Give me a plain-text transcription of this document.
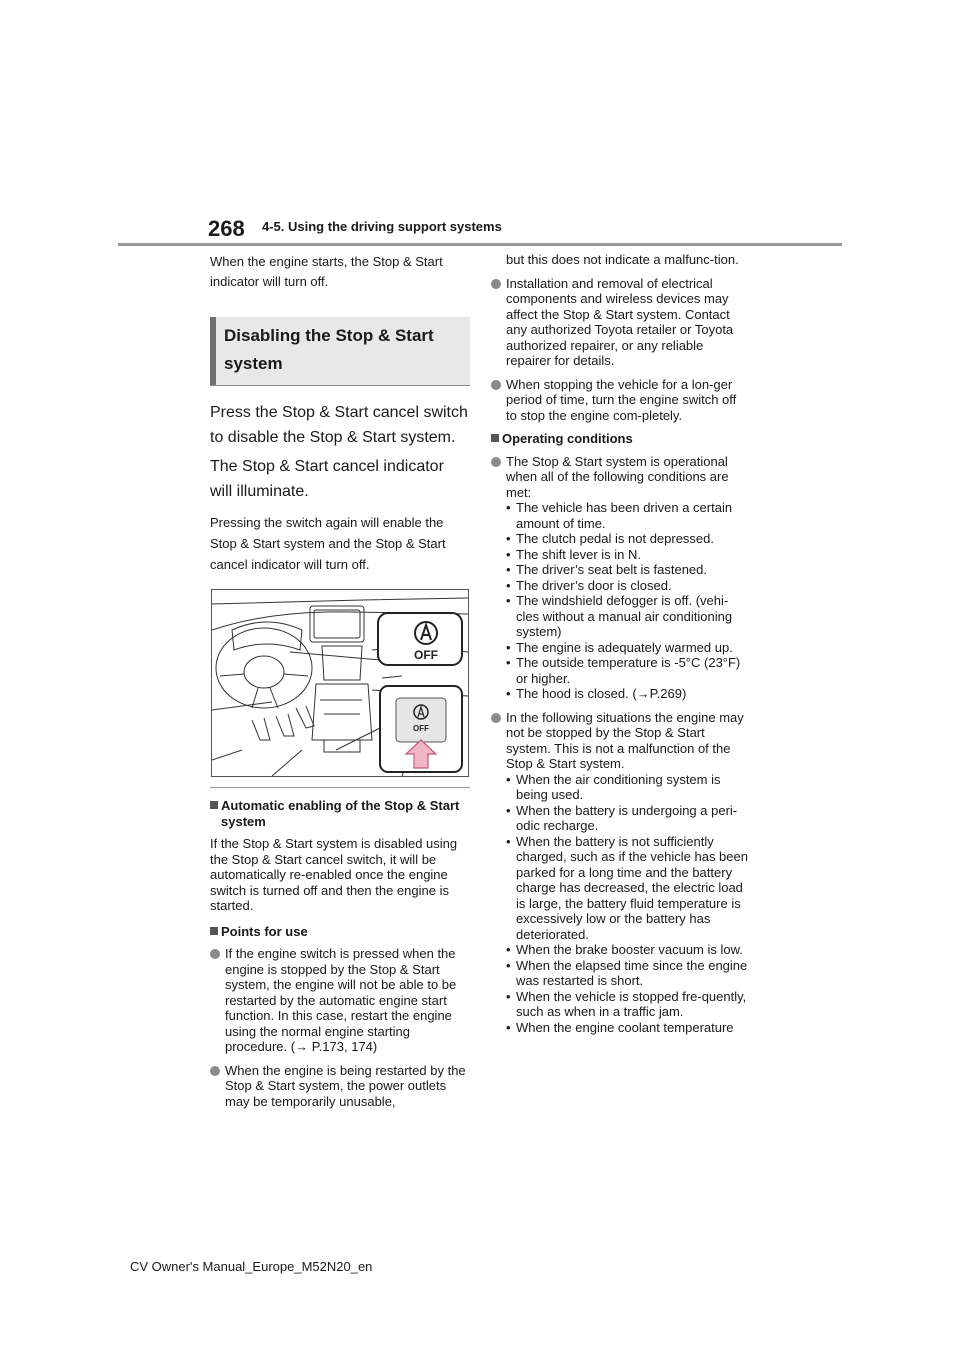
268 4-5. Using the driving support systems

When the engine starts, the Stop & Start indicator will turn off.

Disabling the Stop & Start system

Press the Stop & Start cancel switch to disable the Stop & Start system.

The Stop & Start cancel indicator will illuminate.

Pressing the switch again will enable the Stop & Start system and the Stop & Start cancel indicator will turn off.

OFF
OFF
Automatic enabling of the Stop & Start system

If the Stop & Start system is disabled using the Stop & Start cancel switch, it will be automatically re-enabled once the engine switch is turned off and then the engine is started.

Points for use
If the engine switch is pressed when the engine is stopped by the Stop & Start system, the engine will not be able to be restarted by the automatic engine start function. In this case, restart the engine using the normal engine starting procedure. (→ P.173, 174)
When the engine is being restarted by the Stop & Start system, the power outlets may be temporarily unusable,
but this does not indicate a malfunc-tion.
Installation and removal of electrical components and wireless devices may affect the Stop & Start system. Contact any authorized Toyota retailer or Toyota authorized repairer, or any reliable repairer for details.
When stopping the vehicle for a lon-ger period of time, turn the engine switch off to stop the engine com-pletely.
Operating conditions
The Stop & Start system is operational when all of the following conditions are met:
• The vehicle has been driven a certain amount of time.
• The clutch pedal is not depressed.
• The shift lever is in N.
• The driver’s seat belt is fastened.
• The driver’s door is closed.
• The windshield defogger is off. (vehi-cles without a manual air conditioning system)
• The engine is adequately warmed up.
• The outside temperature is -5°C (23°F) or higher.
• The hood is closed. (→P.269)
In the following situations the engine may not be stopped by the Stop & Start system. This is not a malfunction of the Stop & Start system.
• When the air conditioning system is being used.
• When the battery is undergoing a peri-odic recharge.
• When the battery is not sufficiently charged, such as if the vehicle has been parked for a long time and the battery charge has decreased, the electric load is large, the battery fluid temperature is excessively low or the battery has deteriorated.
• When the brake booster vacuum is low.
• When the elapsed time since the engine was restarted is short.
• When the vehicle is stopped fre-quently, such as when in a traffic jam.
• When the engine coolant temperature
CV Owner's Manual_Europe_M52N20_en
